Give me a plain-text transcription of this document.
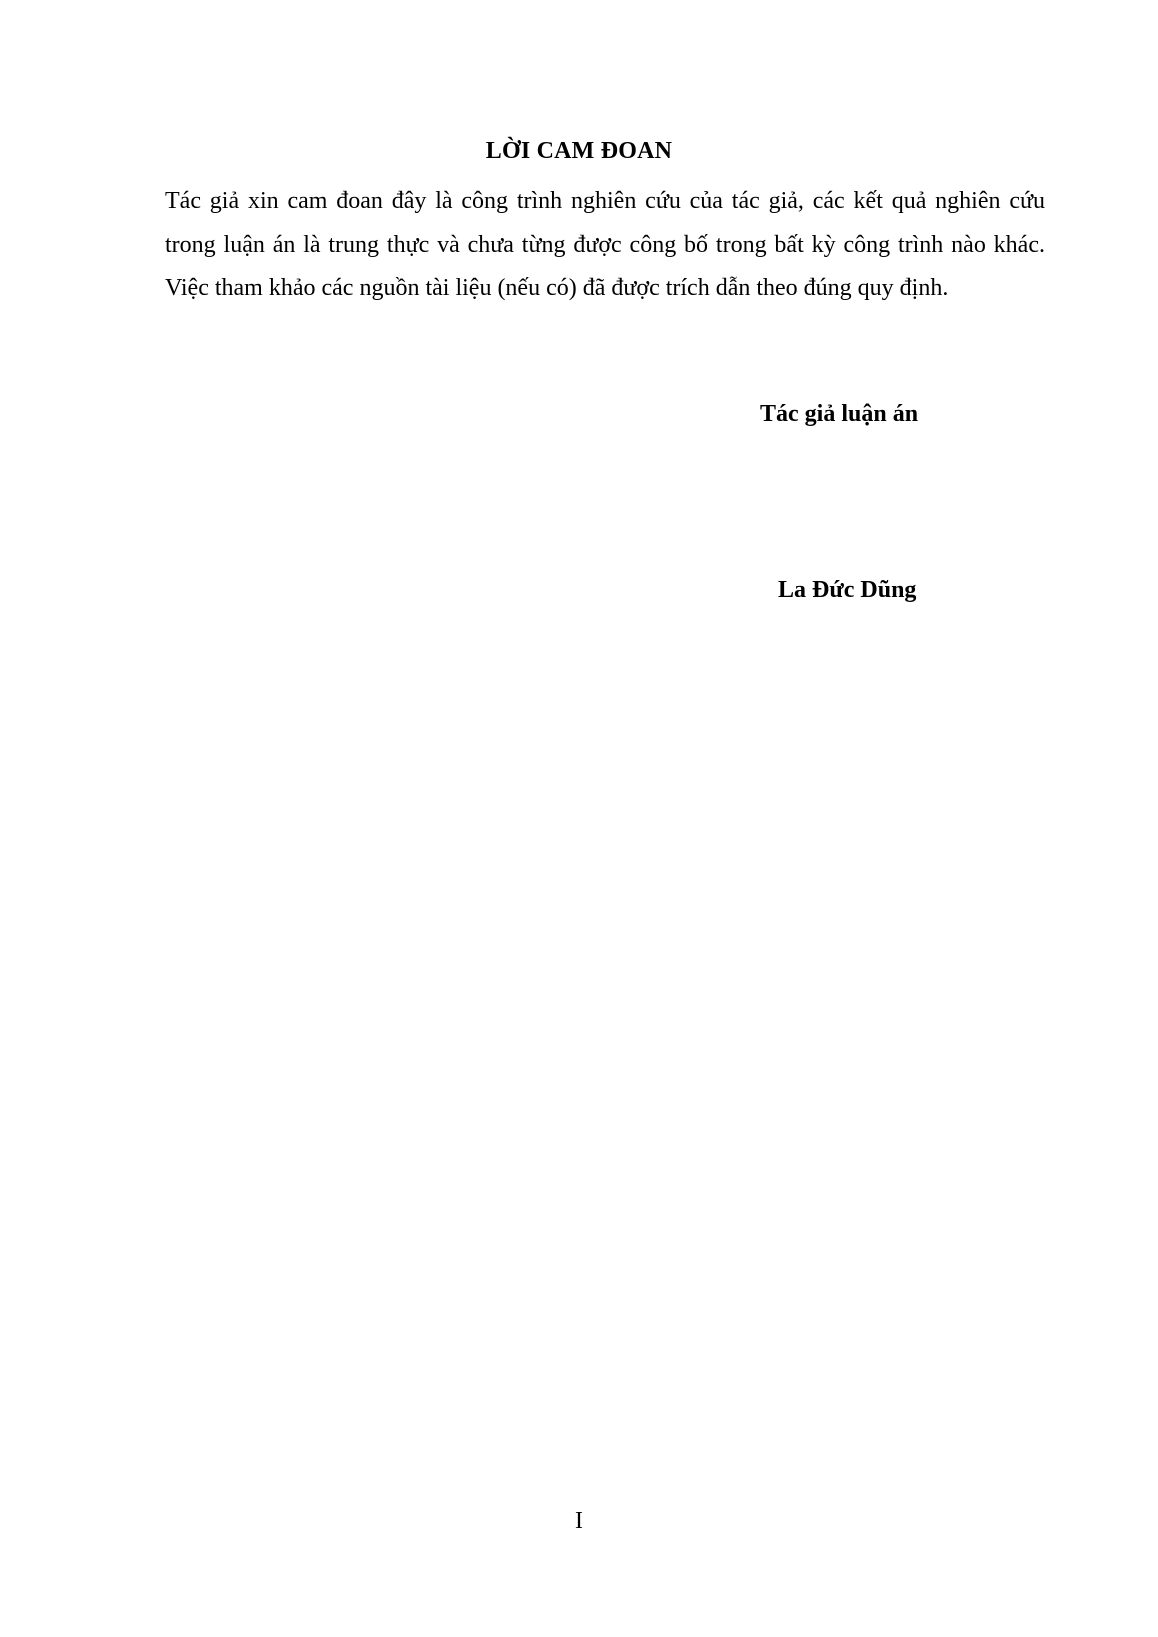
LỜI CAM ĐOAN
Tác giả xin cam đoan đây là công trình nghiên cứu của tác giả, các kết quả nghiên cứu trong luận án là trung thực và chưa từng được công bố trong bất kỳ công trình nào khác. Việc tham khảo các nguồn tài liệu (nếu có) đã được trích dẫn theo đúng quy định.
Tác giả luận án
La Đức Dũng
I
